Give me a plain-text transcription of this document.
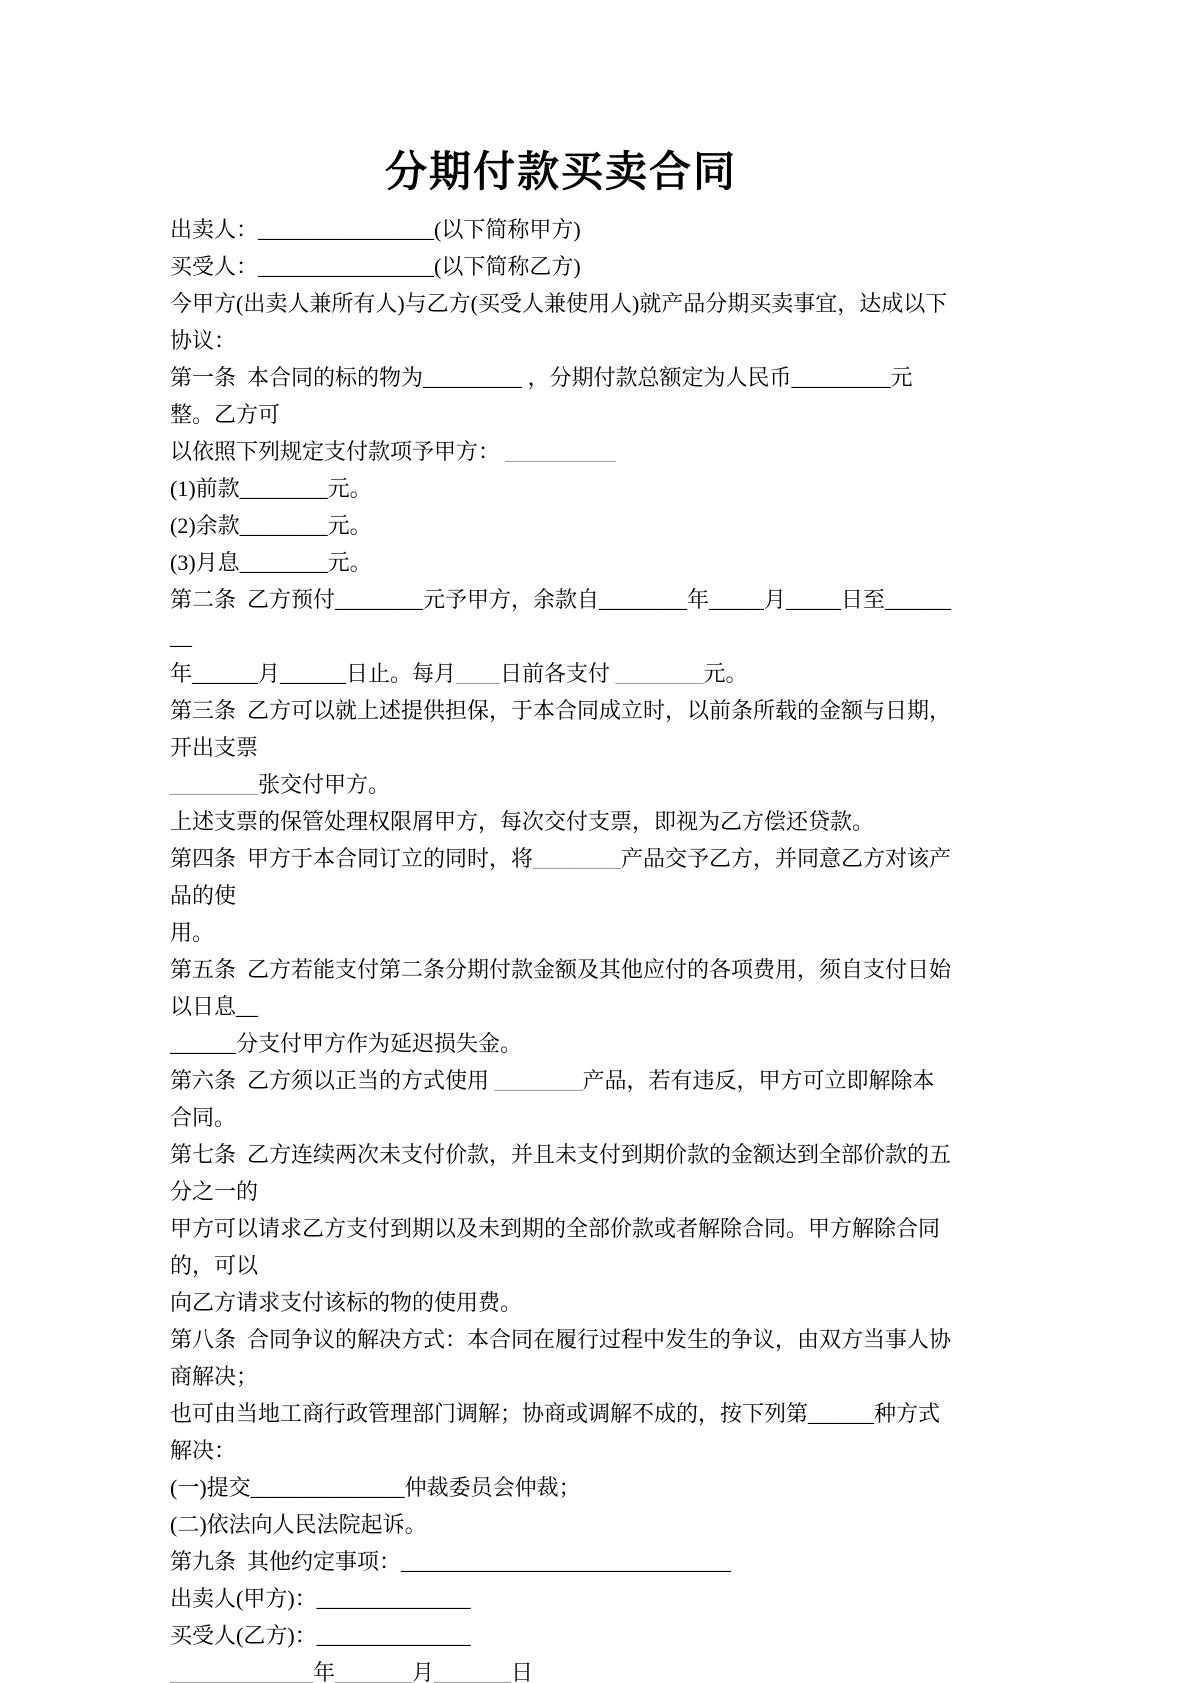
分期付款买卖合同

出卖人：________________(以下简称甲方)

买受人：________________(以下简称乙方)

今甲方(出卖人兼所有人)与乙方(买受人兼使用人)就产品分期买卖事宜，达成以下协议：

第一条  本合同的标的物为_________ ，分期付款总额定为人民币_________元整。乙方可

以依照下列规定支付款项予甲方： __________

(1)前款________元。

(2)余款________元。

(3)月息________元。

第二条  乙方预付________元予甲方，余款自________年_____月_____日至________

年______月______日止。每月____日前各支付 ________元。

第三条  乙方可以就上述提供担保，于本合同成立时，以前条所载的金额与日期，开出支票

________张交付甲方。

上述支票的保管处理权限屑甲方，每次交付支票，即视为乙方偿还贷款。

第四条  甲方于本合同订立的同时，将________产品交予乙方，并同意乙方对该产品的使

用。

第五条  乙方若能支付第二条分期付款金额及其他应付的各项费用，须自支付日始以日息__

______分支付甲方作为延迟损失金。

第六条  乙方须以正当的方式使用 ________产品，若有违反，甲方可立即解除本合同。

第七条  乙方连续两次未支付价款，并且未支付到期价款的金额达到全部价款的五分之一的

甲方可以请求乙方支付到期以及未到期的全部价款或者解除合同。甲方解除合同的，可以

向乙方请求支付该标的物的使用费。

第八条  合同争议的解决方式：本合同在履行过程中发生的争议，由双方当事人协商解决；

也可由当地工商行政管理部门调解；协商或调解不成的，按下列第______种方式解决：

(一)提交______________仲裁委员会仲裁；

(二)依法向人民法院起诉。

第九条  其他约定事项：______________________________

出卖人(甲方)：______________

买受人(乙方)：______________

_____________年_______月_______日
